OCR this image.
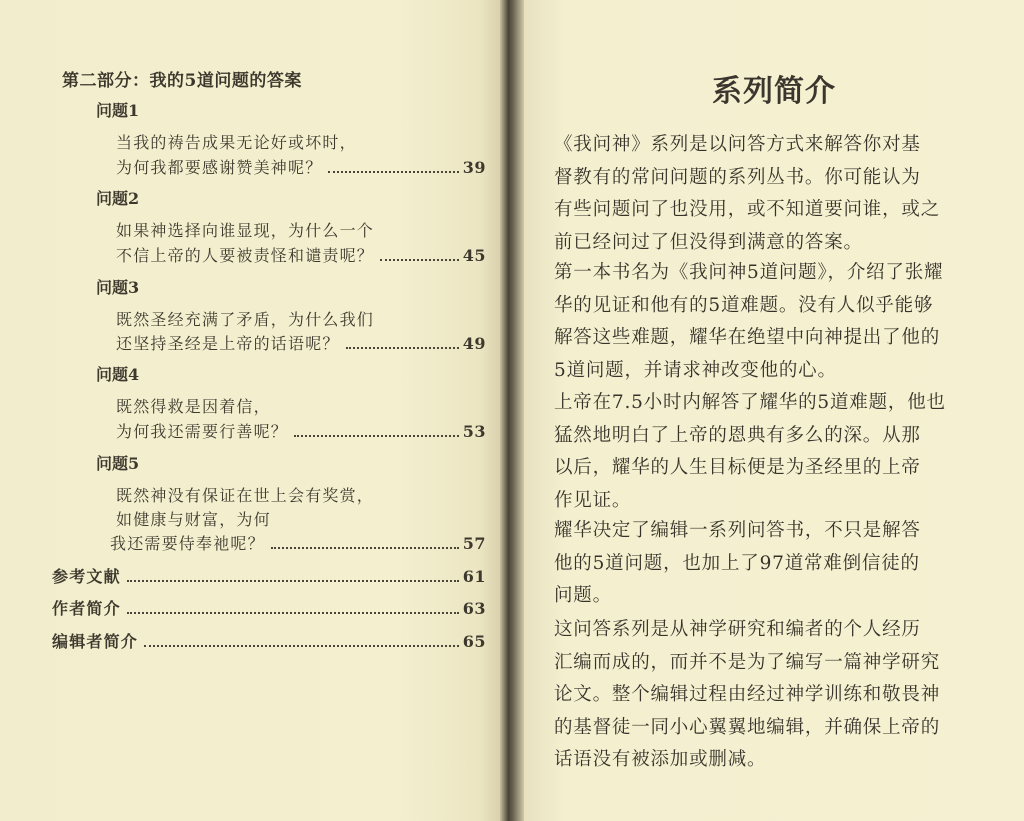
第二部分：我的5道问题的答案
问题1
当我的祷告成果无论好或坏时，
为何我都要感谢赞美神呢？	39
问题2
如果神选择向谁显现，为什么一个
不信上帝的人要被责怪和谴责呢？	45
问题3
既然圣经充满了矛盾，为什么我们
还坚持圣经是上帝的话语呢？	49
问题4
既然得救是因着信，
为何我还需要行善呢？	53
问题5
既然神没有保证在世上会有奖赏，
如健康与财富，为何
我还需要侍奉祂呢？	57
参考文献	61
作者简介	63
编辑者简介	65
系列简介
《我问神》系列是以问答方式来解答你对基
督教有的常问问题的系列丛书。你可能认为
有些问题问了也没用，或不知道要问谁，或之
前已经问过了但没得到满意的答案。
第一本书名为《我问神5道问题》，介绍了张耀
华的见证和他有的5道难题。没有人似乎能够
解答这些难题，耀华在绝望中向神提出了他的
5道问题，并请求神改变他的心。
上帝在7.5小时内解答了耀华的5道难题，他也
猛然地明白了上帝的恩典有多么的深。从那
以后，耀华的人生目标便是为圣经里的上帝
作见证。
耀华决定了编辑一系列问答书，不只是解答
他的5道问题，也加上了97道常难倒信徒的
问题。
这问答系列是从神学研究和编者的个人经历
汇编而成的，而并不是为了编写一篇神学研究
论文。整个编辑过程由经过神学训练和敬畏神
的基督徒一同小心翼翼地编辑，并确保上帝的
话语没有被添加或删减。
